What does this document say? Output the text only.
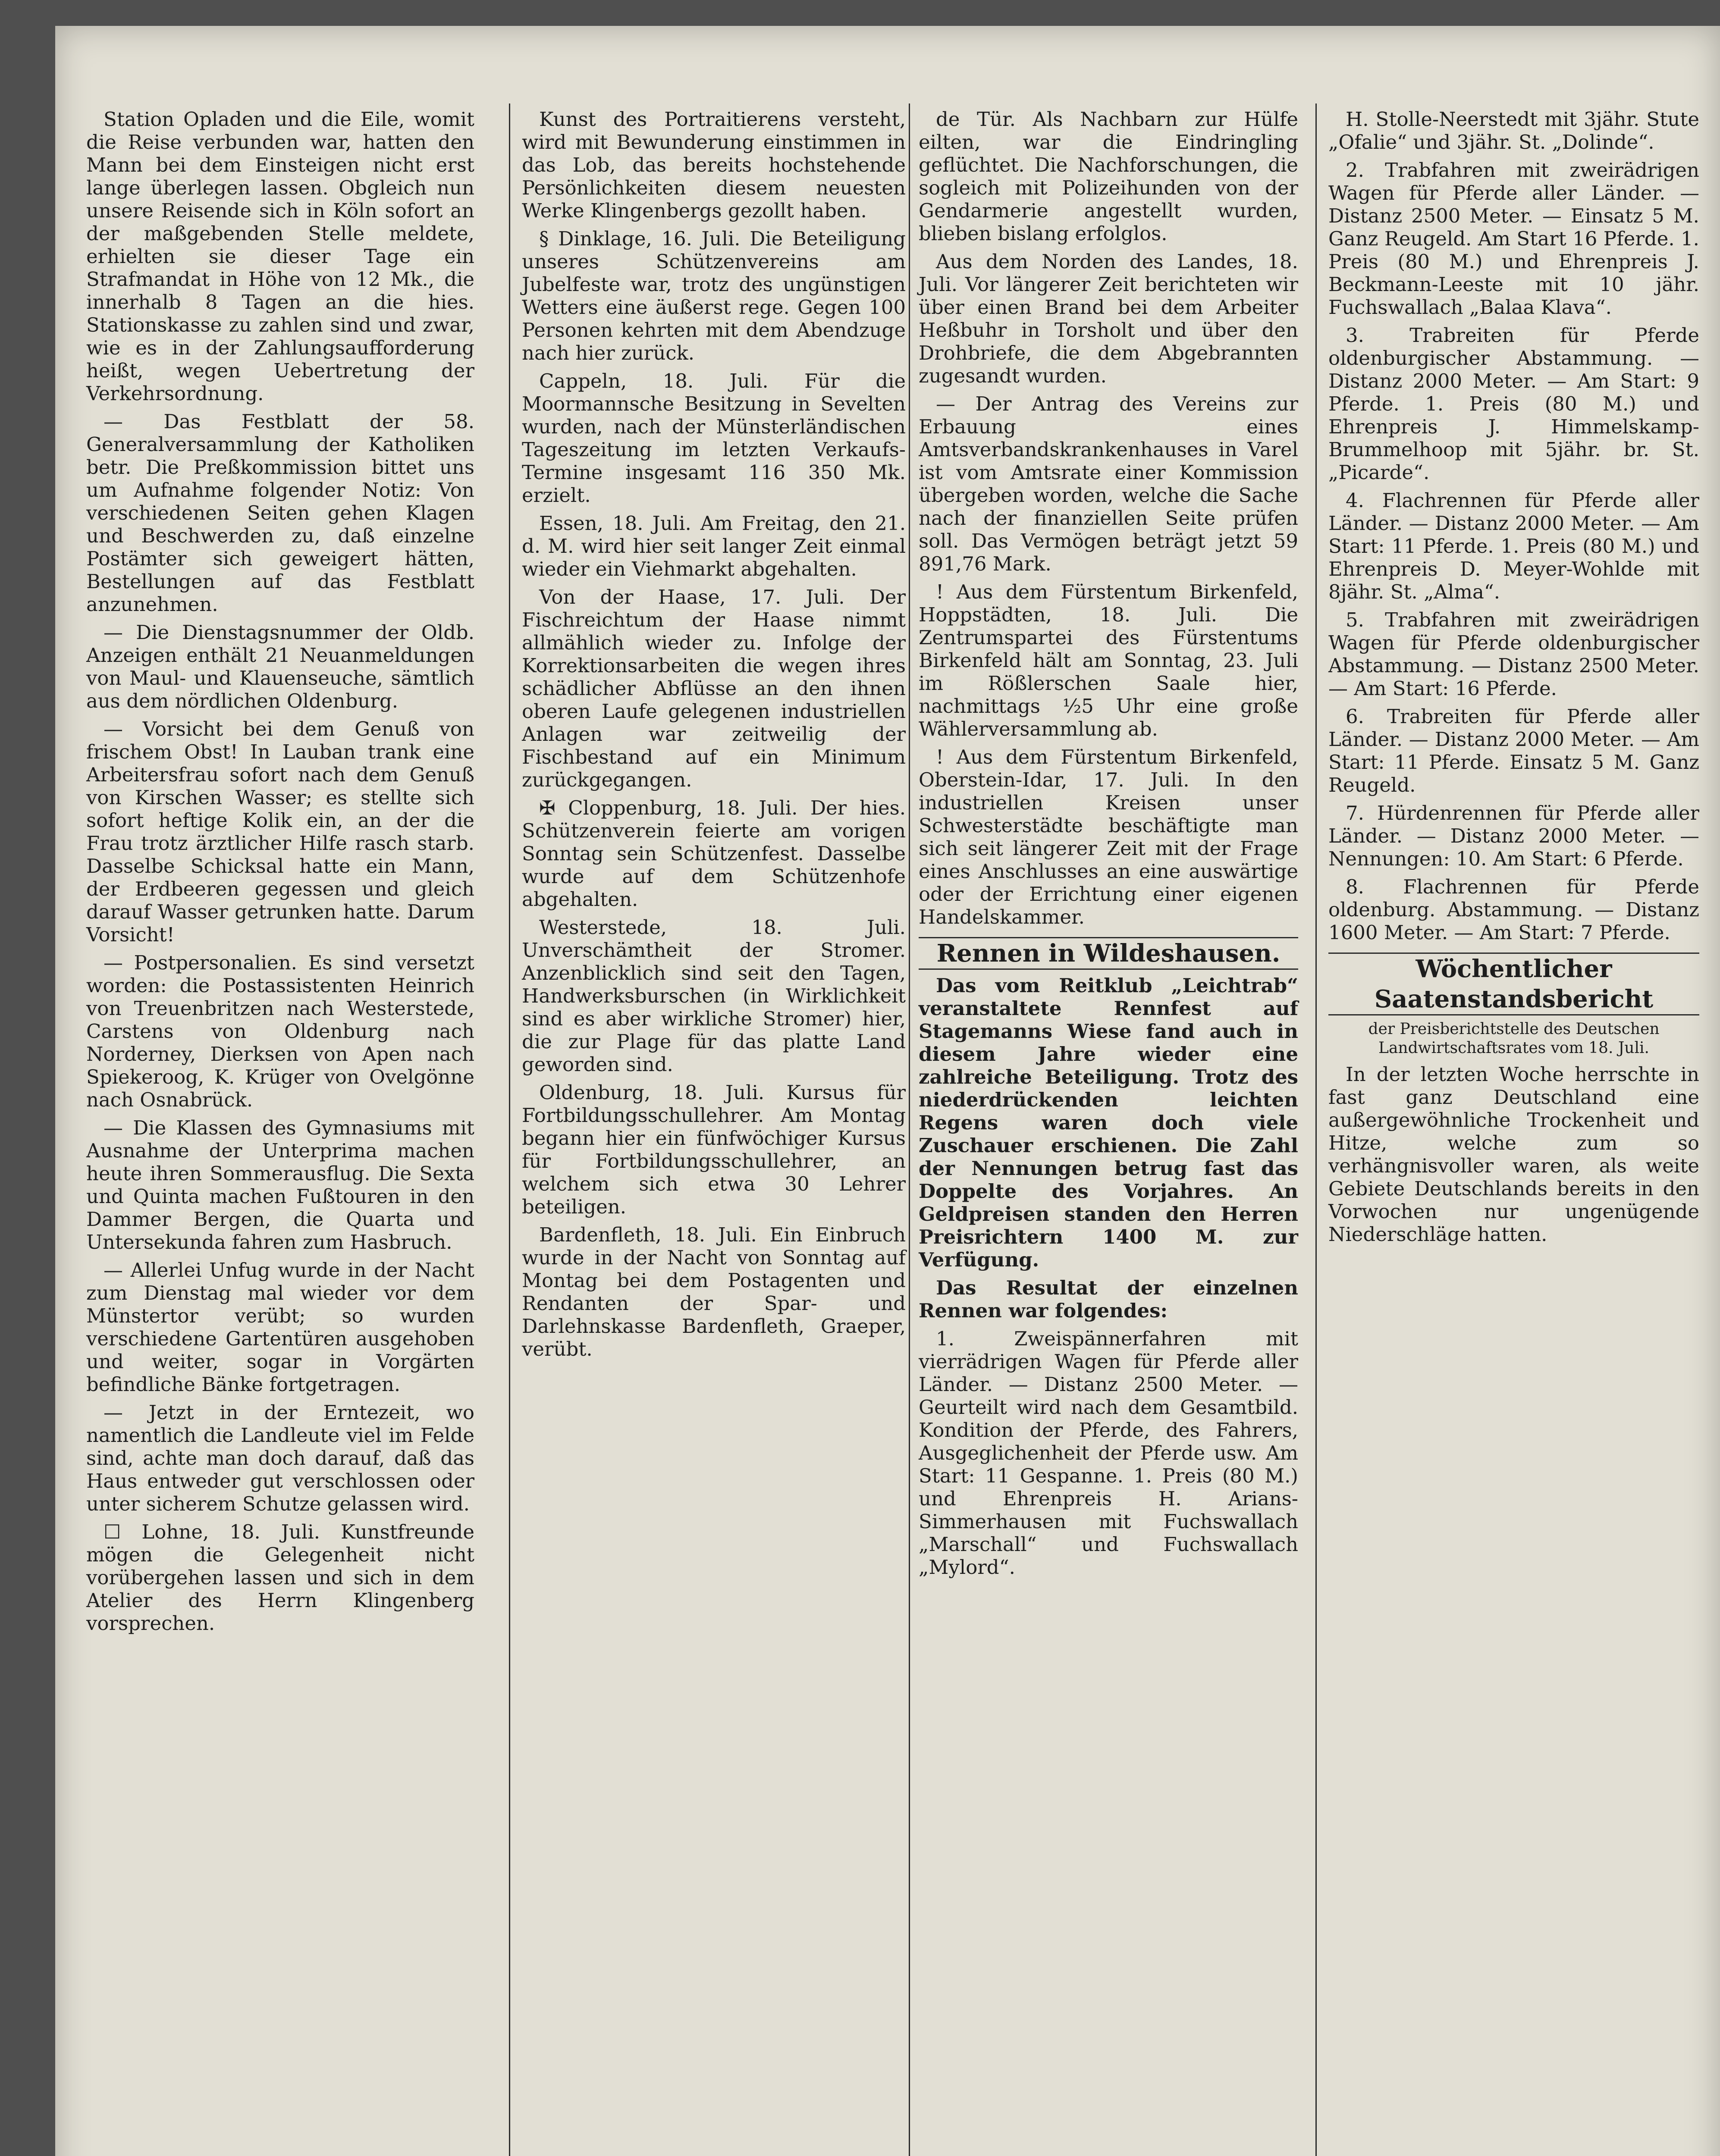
Station Opladen und die Eile, womit die Reise verbunden war, hatten den Mann bei dem Einsteigen nicht erst lange überlegen lassen. Obgleich nun unsere Reisende sich in Köln sofort an der maßgebenden Stelle meldete, erhielten sie dieser Tage ein Strafmandat in Höhe von 12 Mk., die innerhalb 8 Tagen an die hies. Stationskasse zu zahlen sind und zwar, wie es in der Zahlungsaufforderung heißt, wegen Uebertretung der Verkehrsordnung.

— Das Festblatt der 58. Generalversammlung der Katholiken betr. Die Preßkommission bittet uns um Aufnahme folgender Notiz: Von verschiedenen Seiten gehen Klagen und Beschwerden zu, daß einzelne Postämter sich geweigert hätten, Bestellungen auf das Festblatt anzunehmen.

— Die Dienstagsnummer der Oldb. Anzeigen enthält 21 Neuanmeldungen von Maul- und Klauenseuche, sämtlich aus dem nördlichen Oldenburg.

— Vorsicht bei dem Genuß von frischem Obst! In Lauban trank eine Arbeitersfrau sofort nach dem Genuß von Kirschen Wasser; es stellte sich sofort heftige Kolik ein, an der die Frau trotz ärztlicher Hilfe rasch starb. Dasselbe Schicksal hatte ein Mann, der Erdbeeren gegessen und gleich darauf Wasser getrunken hatte. Darum Vorsicht!

— Postpersonalien. Es sind versetzt worden: die Postassistenten Heinrich von Treuenbritzen nach Westerstede, Carstens von Oldenburg nach Norderney, Dierksen von Apen nach Spiekeroog, K. Krüger von Ovelgönne nach Osnabrück.

— Die Klassen des Gymnasiums mit Ausnahme der Unterprima machen heute ihren Sommerausflug. Die Sexta und Quinta machen Fußtouren in den Dammer Bergen, die Quarta und Untersekunda fahren zum Hasbruch.

— Allerlei Unfug wurde in der Nacht zum Dienstag mal wieder vor dem Münstertor verübt; so wurden verschiedene Gartentüren ausgehoben und weiter, sogar in Vorgärten befindliche Bänke fortgetragen.

— Jetzt in der Erntezeit, wo namentlich die Landleute viel im Felde sind, achte man doch darauf, daß das Haus entweder gut verschlossen oder unter sicherem Schutze gelassen wird.

☐ Lohne, 18. Juli. Kunstfreunde mögen die Gelegenheit nicht vorübergehen lassen und sich in dem Atelier des Herrn Klingenberg vorsprechen.

Kunst des Portraitierens versteht, wird mit Bewunderung einstimmen in das Lob, das bereits hochstehende Persönlichkeiten diesem neuesten Werke Klingenbergs gezollt haben.

§ Dinklage, 16. Juli. Die Beteiligung unseres Schützenvereins am Jubelfeste war, trotz des ungünstigen Wetters eine äußerst rege. Gegen 100 Personen kehrten mit dem Abendzuge nach hier zurück.

Cappeln, 18. Juli. Für die Moormannsche Besitzung in Sevelten wurden, nach der Münsterländischen Tageszeitung im letzten Verkaufs-Termine insgesamt 116 350 Mk. erzielt.

Essen, 18. Juli. Am Freitag, den 21. d. M. wird hier seit langer Zeit einmal wieder ein Viehmarkt abgehalten.

Von der Haase, 17. Juli. Der Fischreichtum der Haase nimmt allmählich wieder zu. Infolge der Korrektionsarbeiten die wegen ihres schädlicher Abflüsse an den ihnen oberen Laufe gelegenen industriellen Anlagen war zeitweilig der Fischbestand auf ein Minimum zurückgegangen.

✠ Cloppenburg, 18. Juli. Der hies. Schützenverein feierte am vorigen Sonntag sein Schützenfest. Dasselbe wurde auf dem Schützenhofe abgehalten.

Westerstede, 18. Juli. Unverschämtheit der Stromer. Anzenblicklich sind seit den Tagen, Handwerksburschen (in Wirklichkeit sind es aber wirkliche Stromer) hier, die zur Plage für das platte Land geworden sind.

Oldenburg, 18. Juli. Kursus für Fortbildungsschullehrer. Am Montag begann hier ein fünfwöchiger Kursus für Fortbildungsschullehrer, an welchem sich etwa 30 Lehrer beteiligen.

Bardenfleth, 18. Juli. Ein Einbruch wurde in der Nacht von Sonntag auf Montag bei dem Postagenten und Rendanten der Spar- und Darlehnskasse Bardenfleth, Graeper, verübt.

de Tür. Als Nachbarn zur Hülfe eilten, war die Eindringling geflüchtet. Die Nachforschungen, die sogleich mit Polizeihunden von der Gendarmerie angestellt wurden, blieben bislang erfolglos.

Aus dem Norden des Landes, 18. Juli. Vor längerer Zeit berichteten wir über einen Brand bei dem Arbeiter Heßbuhr in Torsholt und über den Drohbriefe, die dem Abgebrannten zugesandt wurden.

— Der Antrag des Vereins zur Erbauung eines Amtsverbandskrankenhauses in Varel ist vom Amtsrate einer Kommission übergeben worden, welche die Sache nach der finanziellen Seite prüfen soll. Das Vermögen beträgt jetzt 59 891,76 Mark.

! Aus dem Fürstentum Birkenfeld, Hoppstädten, 18. Juli. Die Zentrumspartei des Fürstentums Birkenfeld hält am Sonntag, 23. Juli im Rößlerschen Saale hier, nachmittags ½5 Uhr eine große Wählerversammlung ab.

! Aus dem Fürstentum Birkenfeld, Oberstein-Idar, 17. Juli. In den industriellen Kreisen unser Schwesterstädte beschäftigte man sich seit längerer Zeit mit der Frage eines Anschlusses an eine auswärtige oder der Errichtung einer eigenen Handelskammer.

Rennen in Wildeshausen.

Das vom Reitklub „Leichtrab“ veranstaltete Rennfest auf Stagemanns Wiese fand auch in diesem Jahre wieder eine zahlreiche Beteiligung. Trotz des niederdrückenden leichten Regens waren doch viele Zuschauer erschienen. Die Zahl der Nennungen betrug fast das Doppelte des Vorjahres. An Geldpreisen standen den Herren Preisrichtern 1400 M. zur Verfügung.

Das Resultat der einzelnen Rennen war folgendes:

1. Zweispännerfahren mit vierrädrigen Wagen für Pferde aller Länder. — Distanz 2500 Meter. — Geurteilt wird nach dem Gesamtbild. Kondition der Pferde, des Fahrers, Ausgeglichenheit der Pferde usw. Am Start: 11 Gespanne. 1. Preis (80 M.) und Ehrenpreis H. Arians-Simmerhausen mit Fuchswallach „Marschall“ und Fuchswallach „Mylord“.

H. Stolle-Neerstedt mit 3jähr. Stute „Ofalie“ und 3jähr. St. „Dolinde“.

2. Trabfahren mit zweirädrigen Wagen für Pferde aller Länder. — Distanz 2500 Meter. — Einsatz 5 M. Ganz Reugeld. Am Start 16 Pferde. 1. Preis (80 M.) und Ehrenpreis J. Beckmann-Leeste mit 10 jähr. Fuchswallach „Balaa Klava“.

3. Trabreiten für Pferde oldenburgischer Abstammung. — Distanz 2000 Meter. — Am Start: 9 Pferde. 1. Preis (80 M.) und Ehrenpreis J. Himmelskamp-Brummelhoop mit 5jähr. br. St. „Picarde“.

4. Flachrennen für Pferde aller Länder. — Distanz 2000 Meter. — Am Start: 11 Pferde. 1. Preis (80 M.) und Ehrenpreis D. Meyer-Wohlde mit 8jähr. St. „Alma“.

5. Trabfahren mit zweirädrigen Wagen für Pferde oldenburgischer Abstammung. — Distanz 2500 Meter. — Am Start: 16 Pferde.

6. Trabreiten für Pferde aller Länder. — Distanz 2000 Meter. — Am Start: 11 Pferde. Einsatz 5 M. Ganz Reugeld.

7. Hürdenrennen für Pferde aller Länder. — Distanz 2000 Meter. — Nennungen: 10. Am Start: 6 Pferde.

8. Flachrennen für Pferde oldenburg. Abstammung. — Distanz 1600 Meter. — Am Start: 7 Pferde.

Wöchentlicher Saatenstandsbericht

der Preisberichtstelle des Deutschen Landwirtschaftsrates vom 18. Juli.

In der letzten Woche herrschte in fast ganz Deutschland eine außergewöhnliche Trockenheit und Hitze, welche zum so verhängnisvoller waren, als weite Gebiete Deutschlands bereits in den Vorwochen nur ungenügende Niederschläge hatten.
